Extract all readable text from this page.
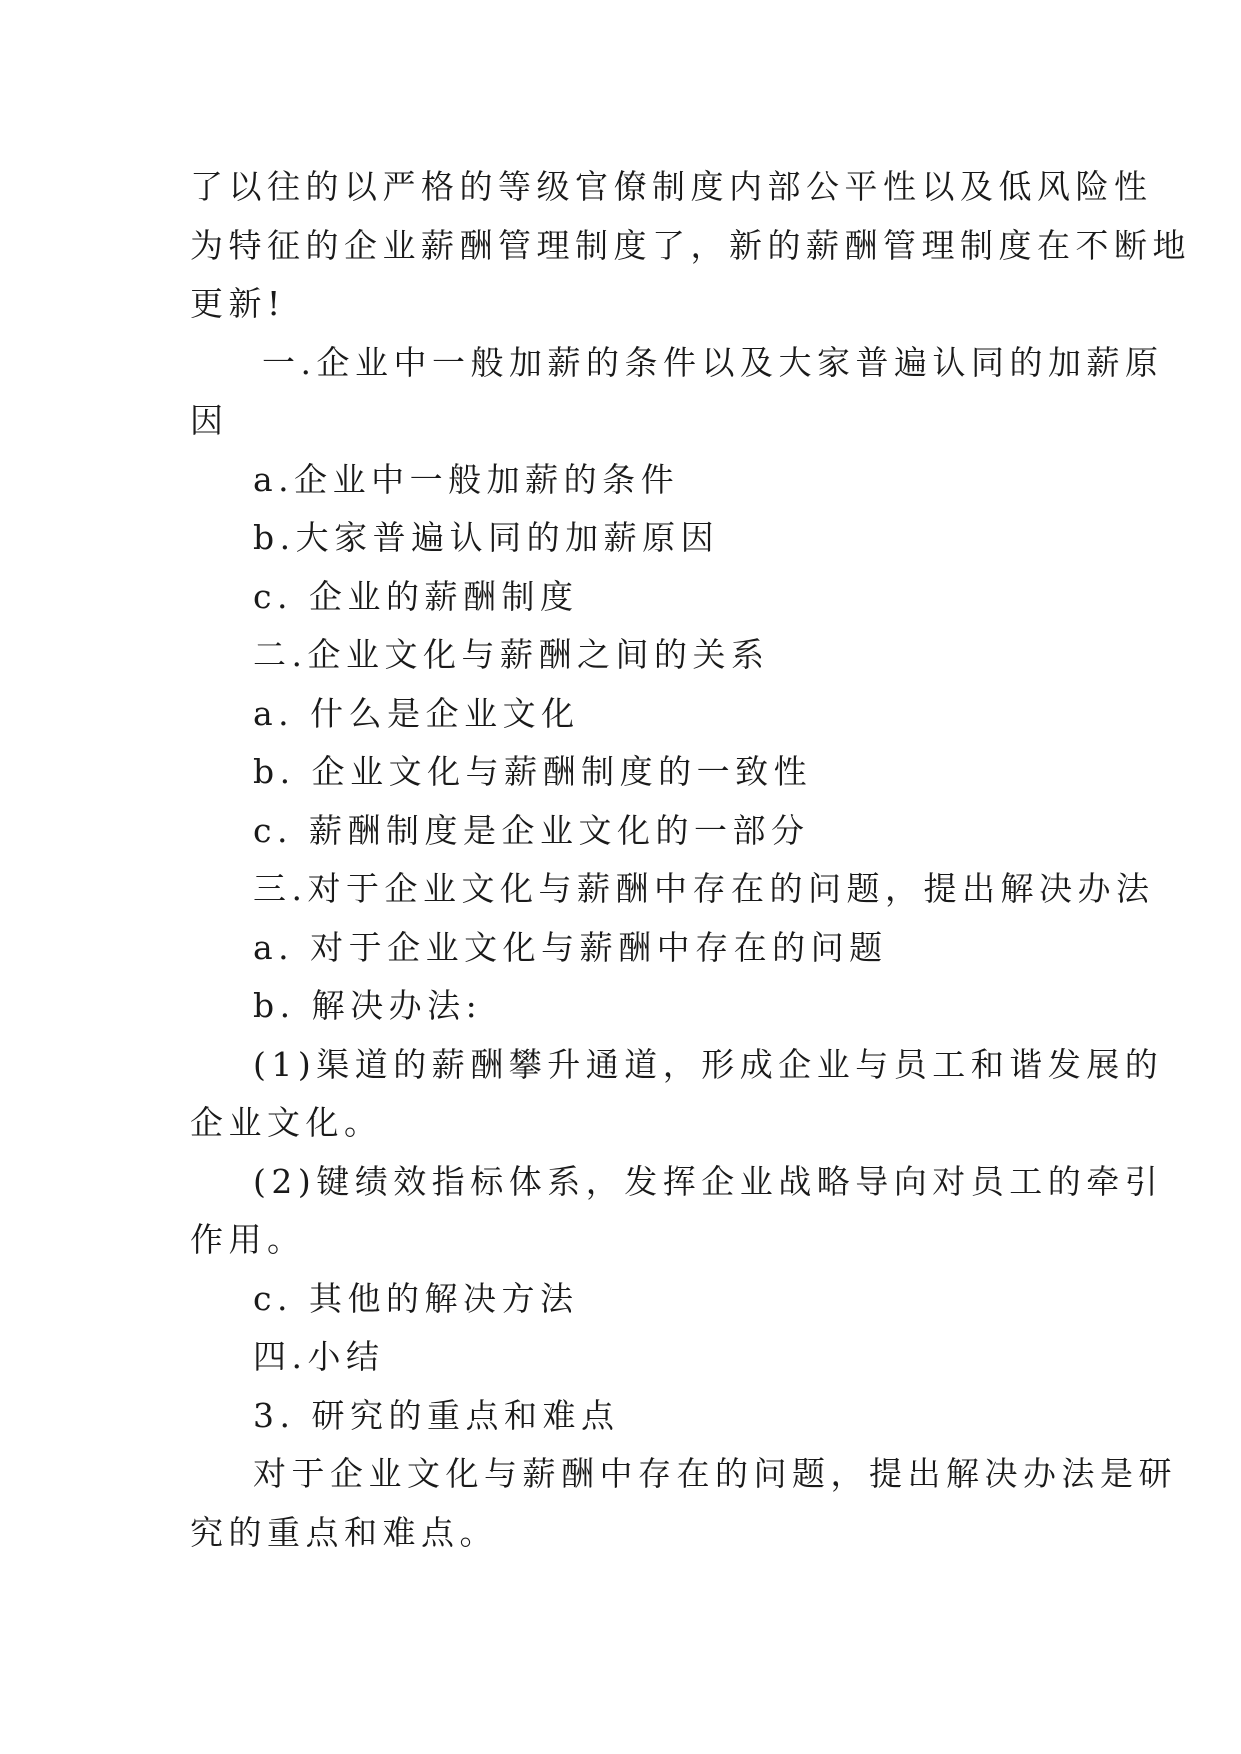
了以往的以严格的等级官僚制度内部公平性以及低风险性
为特征的企业薪酬管理制度了，新的薪酬管理制度在不断地
更新!
一.企业中一般加薪的条件以及大家普遍认同的加薪原
因
a.企业中一般加薪的条件
b.大家普遍认同的加薪原因
c. 企业的薪酬制度
二.企业文化与薪酬之间的关系
a. 什么是企业文化
b. 企业文化与薪酬制度的一致性
c. 薪酬制度是企业文化的一部分
三.对于企业文化与薪酬中存在的问题，提出解决办法
a. 对于企业文化与薪酬中存在的问题
b. 解决办法:
(1)渠道的薪酬攀升通道，形成企业与员工和谐发展的
企业文化。
(2)键绩效指标体系，发挥企业战略导向对员工的牵引
作用。
c. 其他的解决方法
四.小结
3. 研究的重点和难点
对于企业文化与薪酬中存在的问题，提出解决办法是研
究的重点和难点。
